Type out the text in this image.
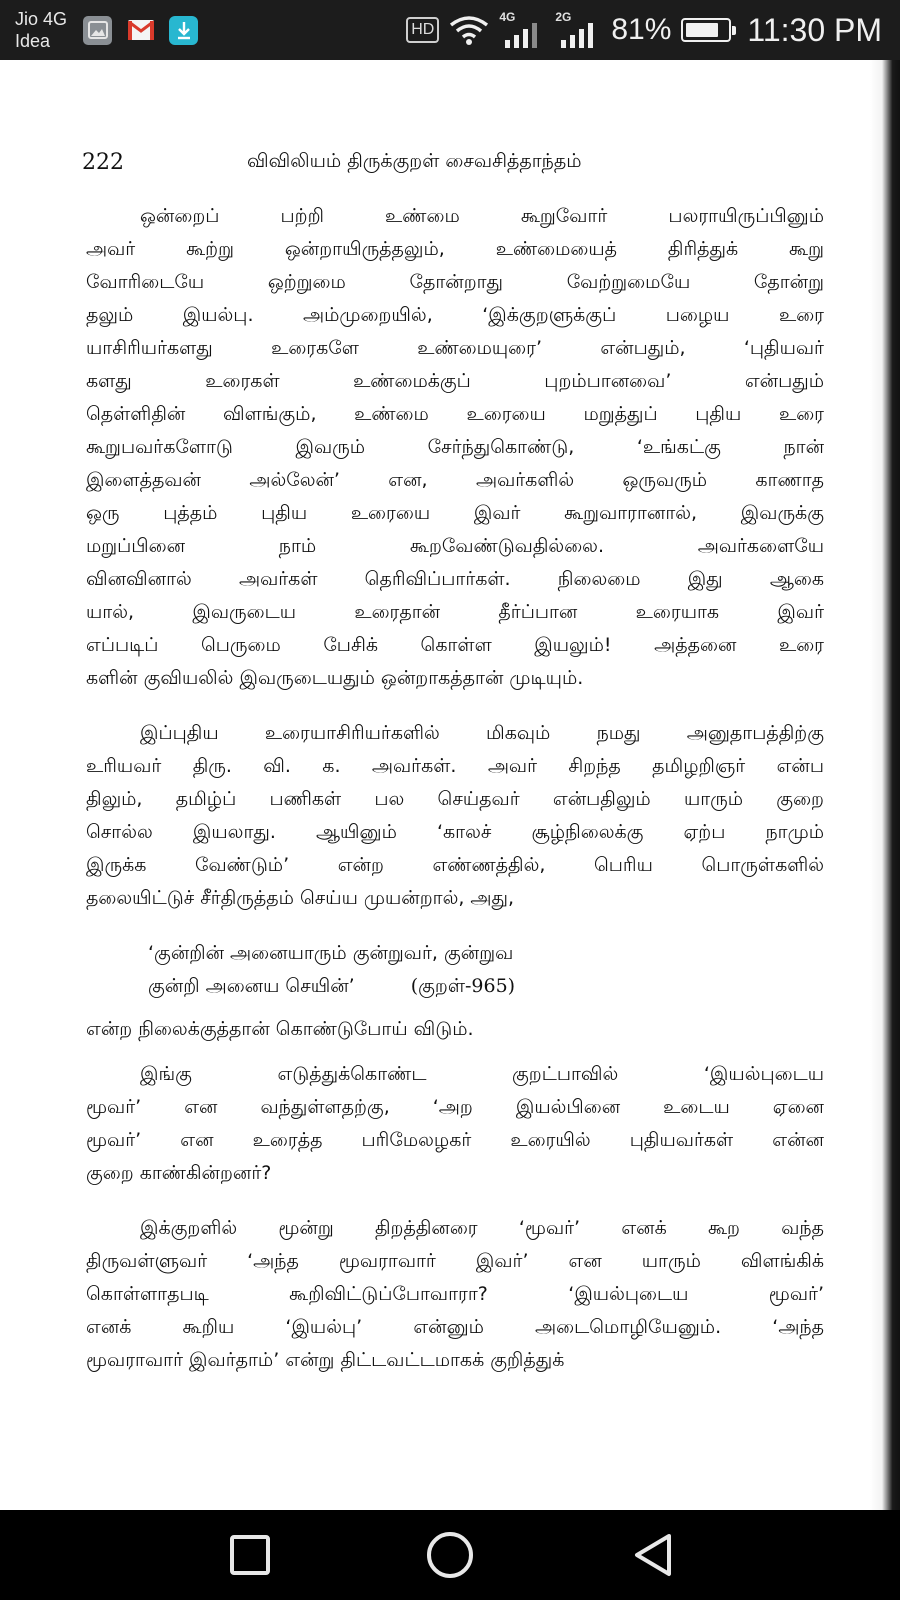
Jio 4G
Idea
HD
4G	2G 81% 11:30 PM
222	விவிலியம் திருக்குறள் சைவசித்தாந்தம்
ஒன்றைப் பற்றி உண்மை கூறுவோர் பலராயிருப்பினும்
அவர் கூற்று ஒன்றாயிருத்தலும், உண்மையைத் திரித்துக் கூறு
வோரிடையே ஒற்றுமை தோன்றாது வேற்றுமையே தோன்று
தலும் இயல்பு. அம்முறையில், ‘இக்குறளுக்குப் பழைய உரை
யாசிரியர்களது உரைகளே உண்மையுரை’ என்பதும், ‘புதியவர்
களது உரைகள் உண்மைக்குப் புறம்பானவை’ என்பதும்
தெள்ளிதின் விளங்கும், உண்மை உரையை மறுத்துப் புதிய உரை
கூறுபவர்களோடு இவரும் சேர்ந்துகொண்டு, ‘உங்கட்கு நான்
இளைத்தவன் அல்லேன்’ என, அவர்களில் ஒருவரும் காணாத
ஒரு புத்தம் புதிய உரையை இவர் கூறுவாரானால், இவருக்கு
மறுப்பினை நாம் கூறவேண்டுவதில்லை. அவர்களையே
வினவினால் அவர்கள் தெரிவிப்பார்கள். நிலைமை இது ஆகை
யால், இவருடைய உரைதான் தீர்ப்பான உரையாக இவர்
எப்படிப் பெருமை பேசிக் கொள்ள இயலும்! அத்தனை உரை
களின் குவியலில் இவருடையதும் ஒன்றாகத்தான் முடியும்.
இப்புதிய உரையாசிரியர்களில் மிகவும் நமது அனுதாபத்திற்கு
உரியவர் திரு. வி. க. அவர்கள். அவர் சிறந்த தமிழறிஞர் என்ப
திலும், தமிழ்ப் பணிகள் பல செய்தவர் என்பதிலும் யாரும் குறை
சொல்ல இயலாது. ஆயினும் ‘காலச் சூழ்நிலைக்கு ஏற்ப நாமும்
இருக்க வேண்டும்’ என்ற எண்ணத்தில், பெரிய பொருள்களில்
தலையிட்டுச் சீர்திருத்தம் செய்ய முயன்றால், அது,
‘குன்றின் அனையாரும் குன்றுவர், குன்றுவ
குன்றி அனைய செயின்’	(குறள்-965)
என்ற நிலைக்குத்தான் கொண்டுபோய் விடும்.
இங்கு எடுத்துக்கொண்ட குறட்பாவில் ‘இயல்புடைய
மூவர்’ என வந்துள்ளதற்கு, ‘அற இயல்பினை உடைய ஏனை
மூவர்’ என உரைத்த பரிமேலழகர் உரையில் புதியவர்கள் என்ன
குறை காண்கின்றனர்?
இக்குறளில் மூன்று திறத்தினரை ‘மூவர்’ எனக் கூற வந்த
திருவள்ளுவர் ‘அந்த மூவராவார் இவர்’ என யாரும் விளங்கிக்
கொள்ளாதபடி கூறிவிட்டுப்போவாரா? ‘இயல்புடைய மூவர்’
எனக் கூறிய ‘இயல்பு’ என்னும் அடைமொழியேனும். ‘அந்த
மூவராவார் இவர்தாம்’ என்று திட்டவட்டமாகக் குறித்துக்
